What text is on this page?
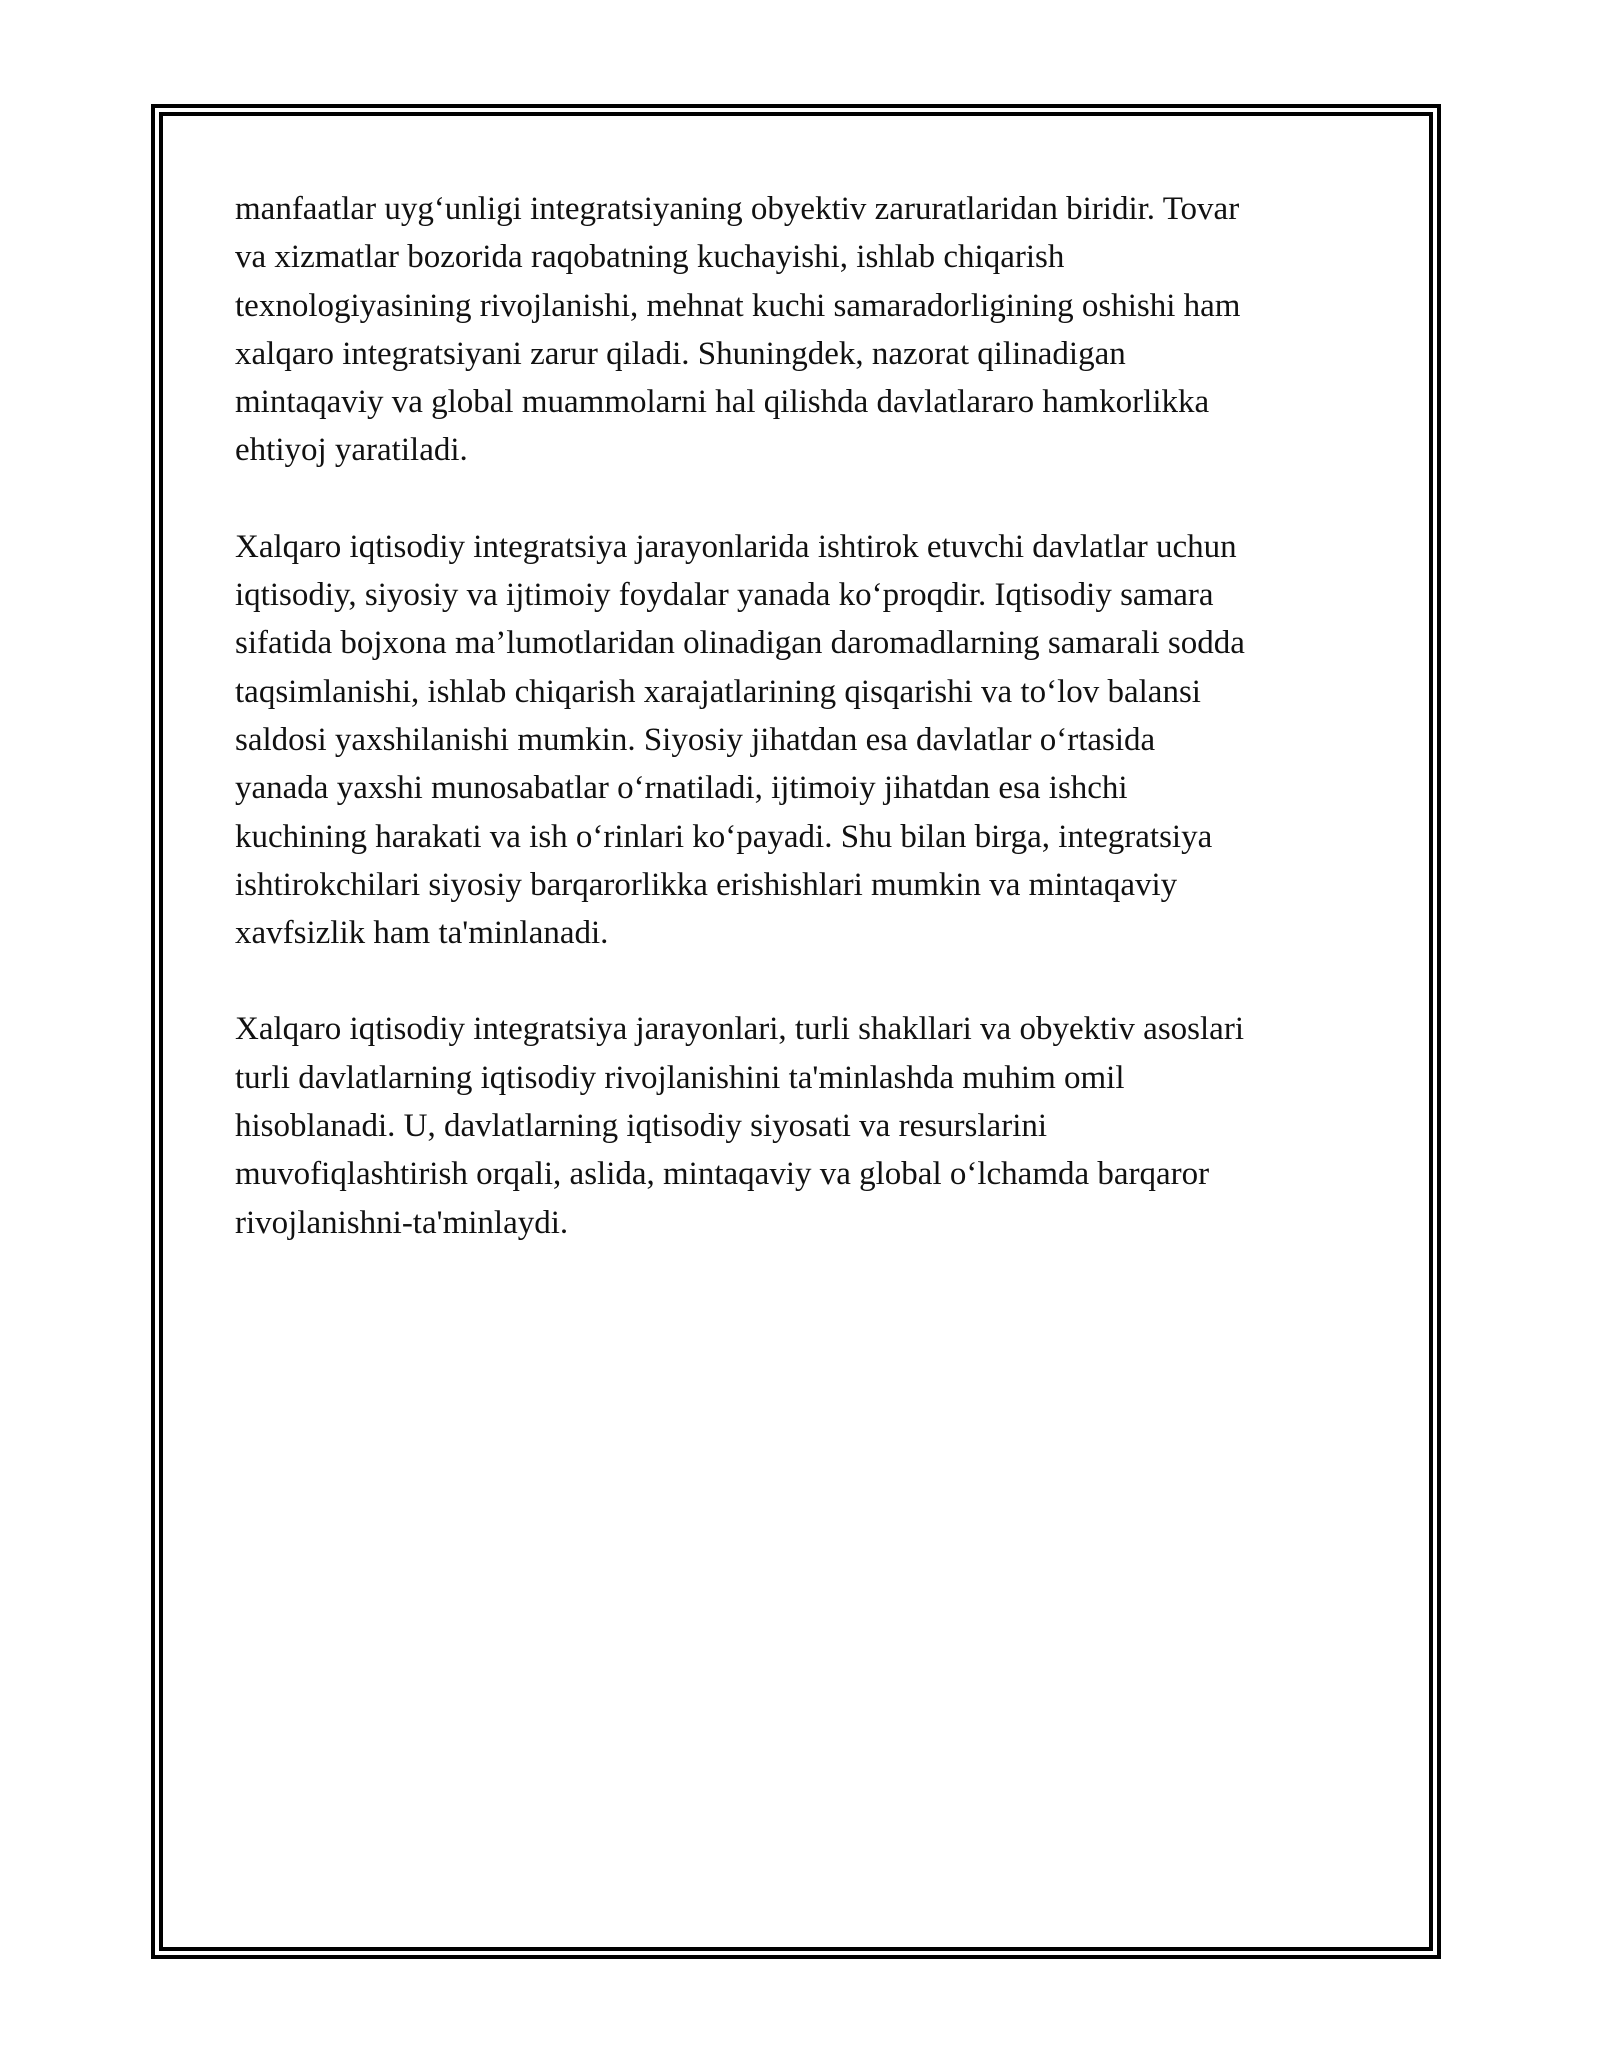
manfaatlar uyg‘unligi integratsiyaning obyektiv zaruratlaridan biridir. Tovar
va xizmatlar bozorida raqobatning kuchayishi, ishlab chiqarish
texnologiyasining rivojlanishi, mehnat kuchi samaradorligining oshishi ham
xalqaro integratsiyani zarur qiladi. Shuningdek, nazorat qilinadigan
mintaqaviy va global muammolarni hal qilishda davlatlararo hamkorlikka
ehtiyoj yaratiladi.

Xalqaro iqtisodiy integratsiya jarayonlarida ishtirok etuvchi davlatlar uchun
iqtisodiy, siyosiy va ijtimoiy foydalar yanada ko‘proqdir. Iqtisodiy samara
sifatida bojxona ma’lumotlaridan olinadigan daromadlarning samarali sodda
taqsimlanishi, ishlab chiqarish xarajatlarining qisqarishi va to‘lov balansi
saldosi yaxshilanishi mumkin. Siyosiy jihatdan esa davlatlar o‘rtasida
yanada yaxshi munosabatlar o‘rnatiladi, ijtimoiy jihatdan esa ishchi
kuchining harakati va ish o‘rinlari ko‘payadi. Shu bilan birga, integratsiya
ishtirokchilari siyosiy barqarorlikka erishishlari mumkin va mintaqaviy
xavfsizlik ham ta'minlanadi.

Xalqaro iqtisodiy integratsiya jarayonlari, turli shakllari va obyektiv asoslari
turli davlatlarning iqtisodiy rivojlanishini ta'minlashda muhim omil
hisoblanadi. U, davlatlarning iqtisodiy siyosati va resurslarini
muvofiqlashtirish orqali, aslida, mintaqaviy va global o‘lchamda barqaror
rivojlanishni-ta'minlaydi.
